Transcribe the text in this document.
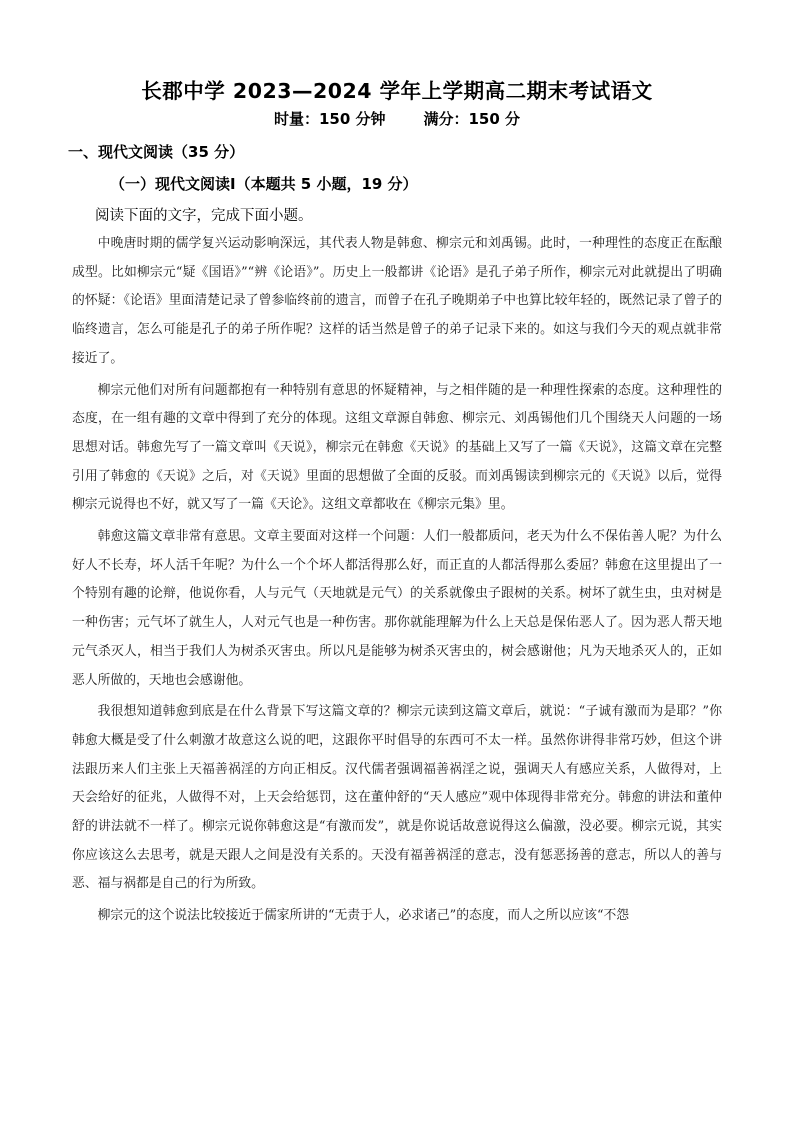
长郡中学 2023—2024 学年上学期高二期末考试语文
时量：150 分钟	满分：150 分
一、现代文阅读（35 分）
（一）现代文阅读Ⅰ（本题共 5 小题，19 分）
阅读下面的文字，完成下面小题。

中晚唐时期的儒学复兴运动影响深远，其代表人物是韩愈、柳宗元和刘禹锡。此时，一种理性的态度正在酝酿成型。比如柳宗元“疑《国语》”“辨《论语》”。历史上一般都讲《论语》是孔子弟子所作，柳宗元对此就提出了明确的怀疑：《论语》里面清楚记录了曾参临终前的遗言，而曾子在孔子晚期弟子中也算比较年轻的，既然记录了曾子的临终遗言，怎么可能是孔子的弟子所作呢？这样的话当然是曾子的弟子记录下来的。如这与我们今天的观点就非常接近了。

柳宗元他们对所有问题都抱有一种特别有意思的怀疑精神，与之相伴随的是一种理性探索的态度。这种理性的态度，在一组有趣的文章中得到了充分的体现。这组文章源自韩愈、柳宗元、刘禹锡他们几个围绕天人问题的一场思想对话。韩愈先写了一篇文章叫《天说》，柳宗元在韩愈《天说》的基础上又写了一篇《天说》，这篇文章在完整引用了韩愈的《天说》之后，对《天说》里面的思想做了全面的反驳。而刘禹锡读到柳宗元的《天说》以后，觉得柳宗元说得也不好，就又写了一篇《天论》。这组文章都收在《柳宗元集》里。

韩愈这篇文章非常有意思。文章主要面对这样一个问题：人们一般都质问，老天为什么不保佑善人呢？为什么好人不长寿，坏人活千年呢？为什么一个个坏人都活得那么好，而正直的人都活得那么委屈？韩愈在这里提出了一个特别有趣的论辩，他说你看，人与元气（天地就是元气）的关系就像虫子跟树的关系。树坏了就生虫，虫对树是一种伤害；元气坏了就生人，人对元气也是一种伤害。那你就能理解为什么上天总是保佑恶人了。因为恶人帮天地元气杀灭人，相当于我们人为树杀灭害虫。所以凡是能够为树杀灭害虫的，树会感谢他；凡为天地杀灭人的，正如恶人所做的，天地也会感谢他。

我很想知道韩愈到底是在什么背景下写这篇文章的？柳宗元读到这篇文章后，就说：“子诚有激而为是耶？”你韩愈大概是受了什么刺激才故意这么说的吧，这跟你平时倡导的东西可不太一样。虽然你讲得非常巧妙，但这个讲法跟历来人们主张上天福善祸淫的方向正相反。汉代儒者强调福善祸淫之说，强调天人有感应关系，人做得对，上天会给好的征兆，人做得不对，上天会给惩罚，这在董仲舒的“天人感应”观中体现得非常充分。韩愈的讲法和董仲舒的讲法就不一样了。柳宗元说你韩愈这是“有激而发”，就是你说话故意说得这么偏激，没必要。柳宗元说，其实你应该这么去思考，就是天跟人之间是没有关系的。天没有福善祸淫的意志，没有惩恶扬善的意志，所以人的善与恶、福与祸都是自己的行为所致。

柳宗元的这个说法比较接近于儒家所讲的“无责于人，必求诸己”的态度，而人之所以应该“不怨
